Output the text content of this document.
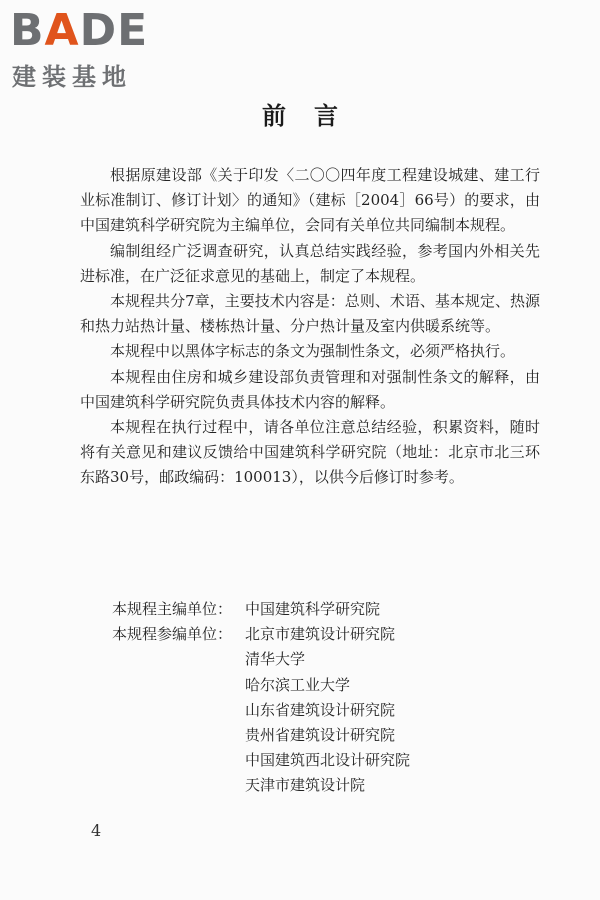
BADE
建装基地
前言

根据原建设部《关于印发〈二〇〇四年度工程建设城建、建工行业标准制订、修订计划〉的通知》（建标［2004］66号）的要求，由中国建筑科学研究院为主编单位，会同有关单位共同编制本规程。

编制组经广泛调查研究，认真总结实践经验，参考国内外相关先进标准，在广泛征求意见的基础上，制定了本规程。

本规程共分7章，主要技术内容是：总则、术语、基本规定、热源和热力站热计量、楼栋热计量、分户热计量及室内供暖系统等。

本规程中以黑体字标志的条文为强制性条文，必须严格执行。

本规程由住房和城乡建设部负责管理和对强制性条文的解释，由中国建筑科学研究院负责具体技术内容的解释。

本规程在执行过程中，请各单位注意总结经验，积累资料，随时将有关意见和建议反馈给中国建筑科学研究院（地址：北京市北三环东路30号，邮政编码：100013），以供今后修订时参考。

本规程主编单位： 中国建筑科学研究院
本规程参编单位： 北京市建筑设计研究院
清华大学
哈尔滨工业大学
山东省建筑设计研究院
贵州省建筑设计研究院
中国建筑西北设计研究院
天津市建筑设计院
4
